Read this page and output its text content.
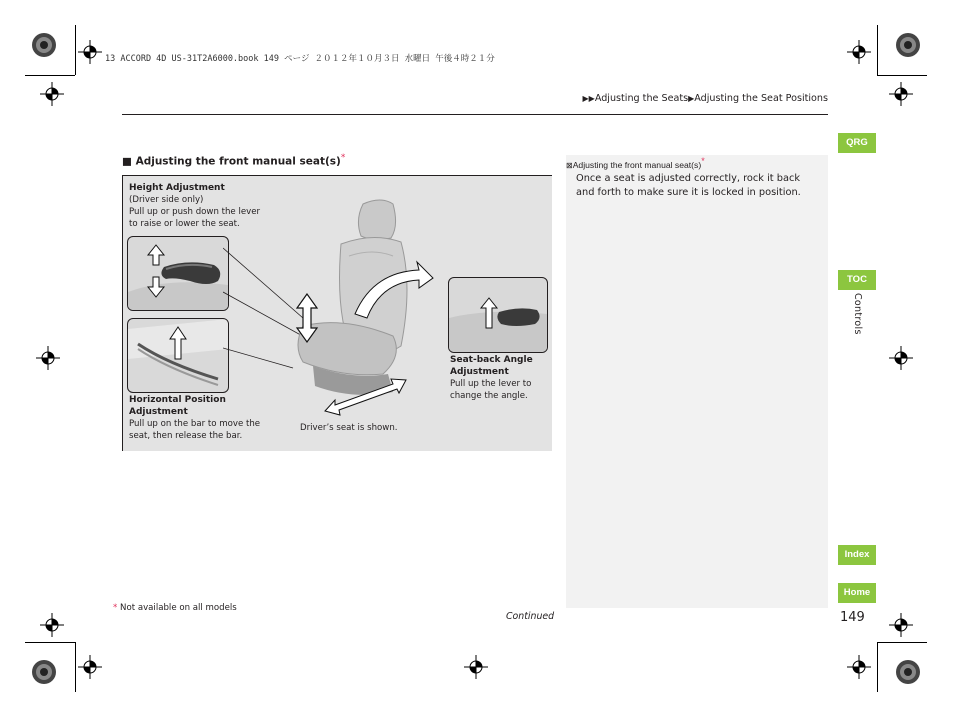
13 ACCORD 4D US-31T2A6000.book 149 ページ ２０１２年１０月３日 水曜日 午後４時２１分
▶▶Adjusting the Seats▶Adjusting the Seat Positions
■ Adjusting the front manual seat(s)*
Height Adjustment
(Driver side only)
Pull up or push down the lever
to raise or lower the seat.
Horizontal Position
Adjustment
Pull up on the bar to move the
seat, then release the bar.
Seat-back Angle
Adjustment
Pull up the lever to
change the angle.
Driver’s seat is shown.
⊠Adjusting the front manual seat(s)*
Once a seat is adjusted correctly, rock it back and forth to make sure it is locked in position.
QRG
TOC
Controls
Index
Home
* Not available on all models
Continued	149
